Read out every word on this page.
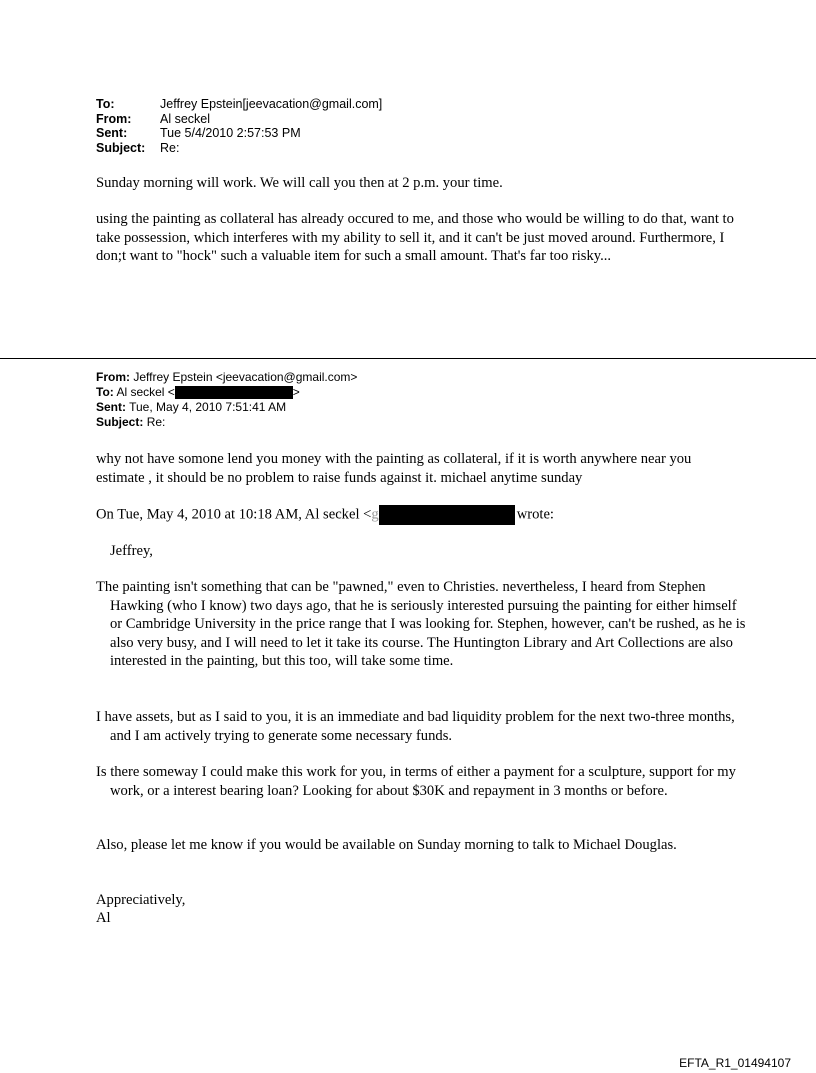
To:	Jeffrey Epstein[jeevacation@gmail.com]
From:	Al seckel
Sent:	Tue 5/4/2010 2:57:53 PM
Subject:	Re:

Sunday morning will work. We will call you then at 2 p.m. your time.

using the painting as collateral has already occured to me, and those who would be willing to do that, want to take possession, which interferes with my ability to sell it, and it can't be just moved around. Furthermore, I don;t want to "hock" such a valuable item for such a small amount. That's far too risky...

From: Jeffrey Epstein <jeevacation@gmail.com>
To: Al seckel <	>
Sent: Tue, May 4, 2010 7:51:41 AM
Subject: Re:

why not have somone lend you money with the painting as collateral, if it is worth anywhere near you estimate , it should be no problem to raise funds against it. michael anytime sunday

On Tue, May 4, 2010 at 10:18 AM, Al seckel <g	wrote:

Jeffrey,

The painting isn't something that can be "pawned," even to Christies. nevertheless, I heard from Stephen Hawking (who I know) two days ago, that he is seriously interested pursuing the painting for either himself or Cambridge University in the price range that I was looking for. Stephen, however, can't be rushed, as he is also very busy, and I will need to let it take its course. The Huntington Library and Art Collections are also interested in the painting, but this too, will take some time.

I have assets, but as I said to you, it is an immediate and bad liquidity problem for the next two-three months, and I am actively trying to generate some necessary funds.

Is there someway I could make this work for you, in terms of either a payment for a sculpture, support for my work, or a interest bearing loan? Looking for about $30K and repayment in 3 months or before.

Also, please let me know if you would be available on Sunday morning to talk to Michael Douglas.

Appreciatively,

Al

EFTA_R1_01494107
